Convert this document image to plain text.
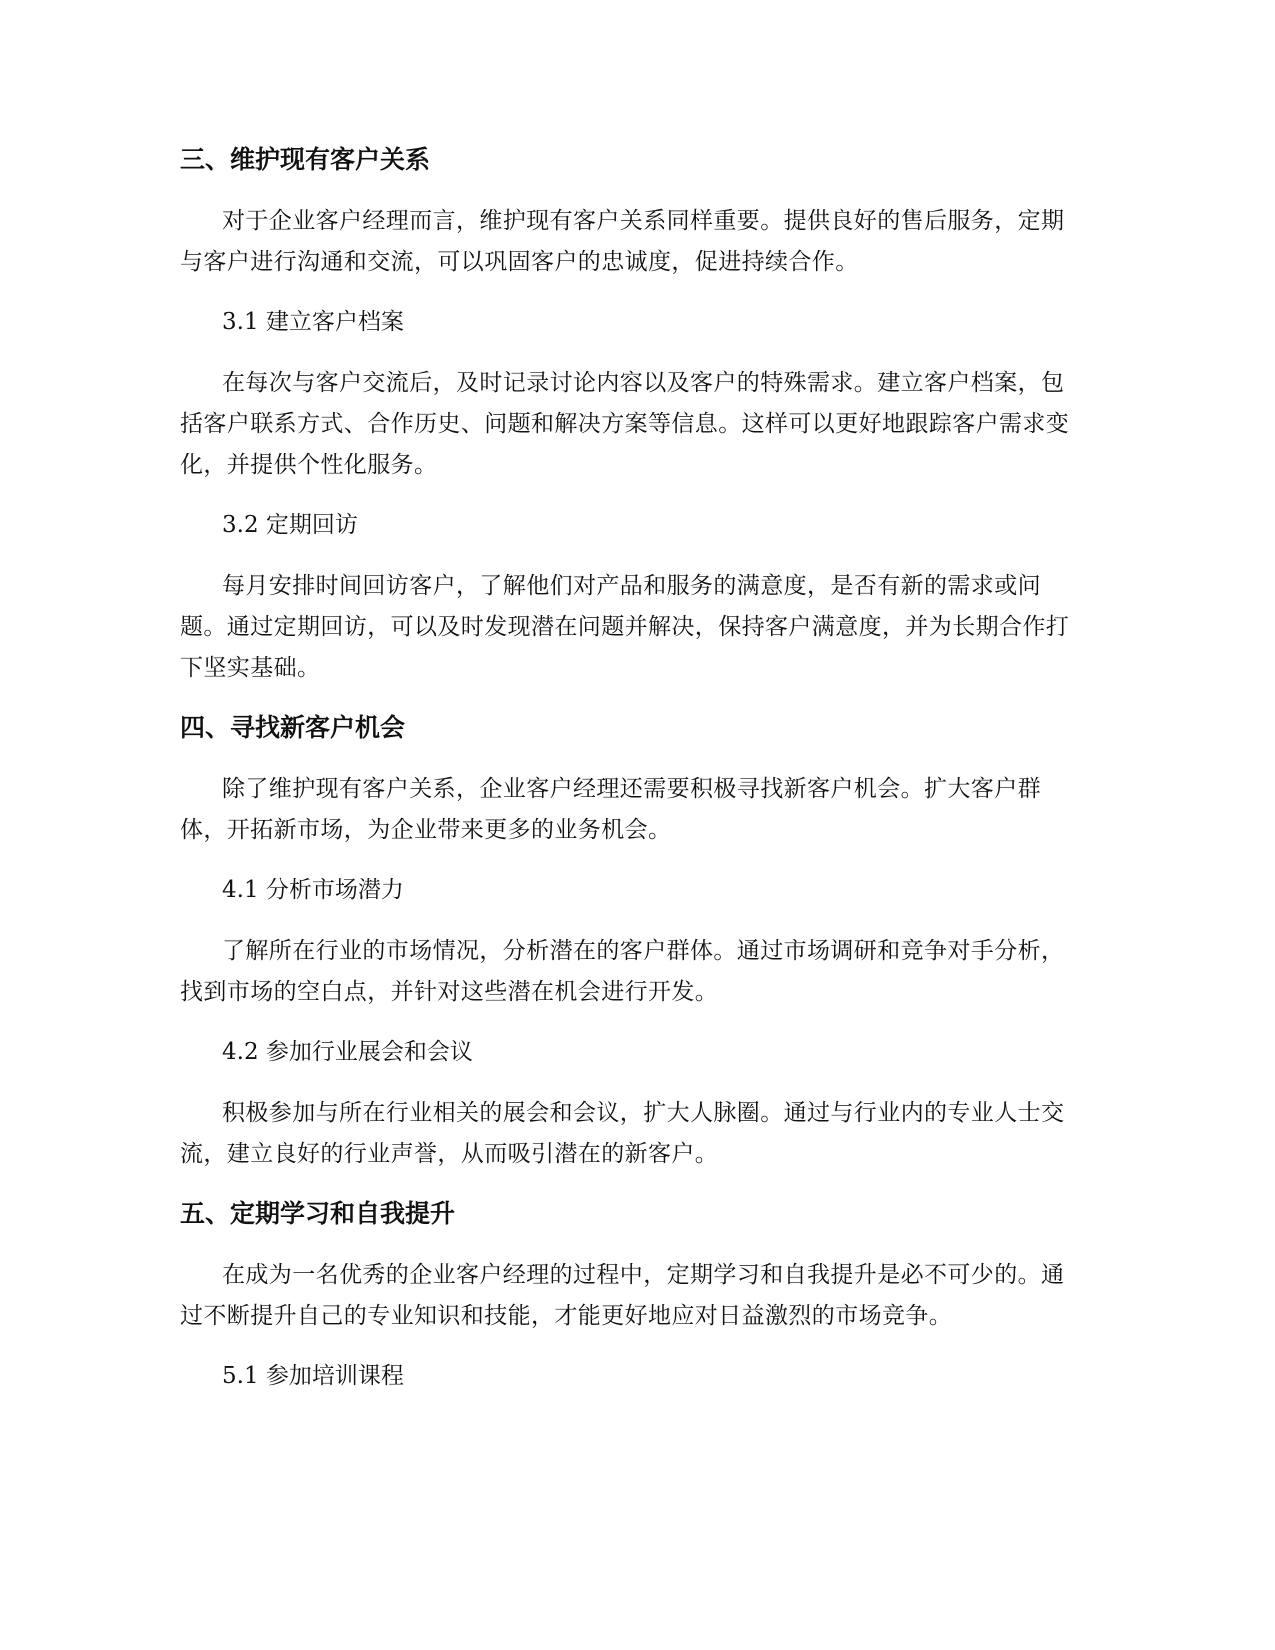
三、维护现有客户关系

对于企业客户经理而言，维护现有客户关系同样重要。提供良好的售后服务，定期与客户进行沟通和交流，可以巩固客户的忠诚度，促进持续合作。

3.1 建立客户档案

在每次与客户交流后，及时记录讨论内容以及客户的特殊需求。建立客户档案，包括客户联系方式、合作历史、问题和解决方案等信息。这样可以更好地跟踪客户需求变化，并提供个性化服务。

3.2 定期回访

每月安排时间回访客户，了解他们对产品和服务的满意度，是否有新的需求或问题。通过定期回访，可以及时发现潜在问题并解决，保持客户满意度，并为长期合作打下坚实基础。

四、寻找新客户机会

除了维护现有客户关系，企业客户经理还需要积极寻找新客户机会。扩大客户群体，开拓新市场，为企业带来更多的业务机会。

4.1 分析市场潜力

了解所在行业的市场情况，分析潜在的客户群体。通过市场调研和竞争对手分析，找到市场的空白点，并针对这些潜在机会进行开发。

4.2 参加行业展会和会议

积极参加与所在行业相关的展会和会议，扩大人脉圈。通过与行业内的专业人士交流，建立良好的行业声誉，从而吸引潜在的新客户。

五、定期学习和自我提升

在成为一名优秀的企业客户经理的过程中，定期学习和自我提升是必不可少的。通过不断提升自己的专业知识和技能，才能更好地应对日益激烈的市场竞争。

5.1 参加培训课程
